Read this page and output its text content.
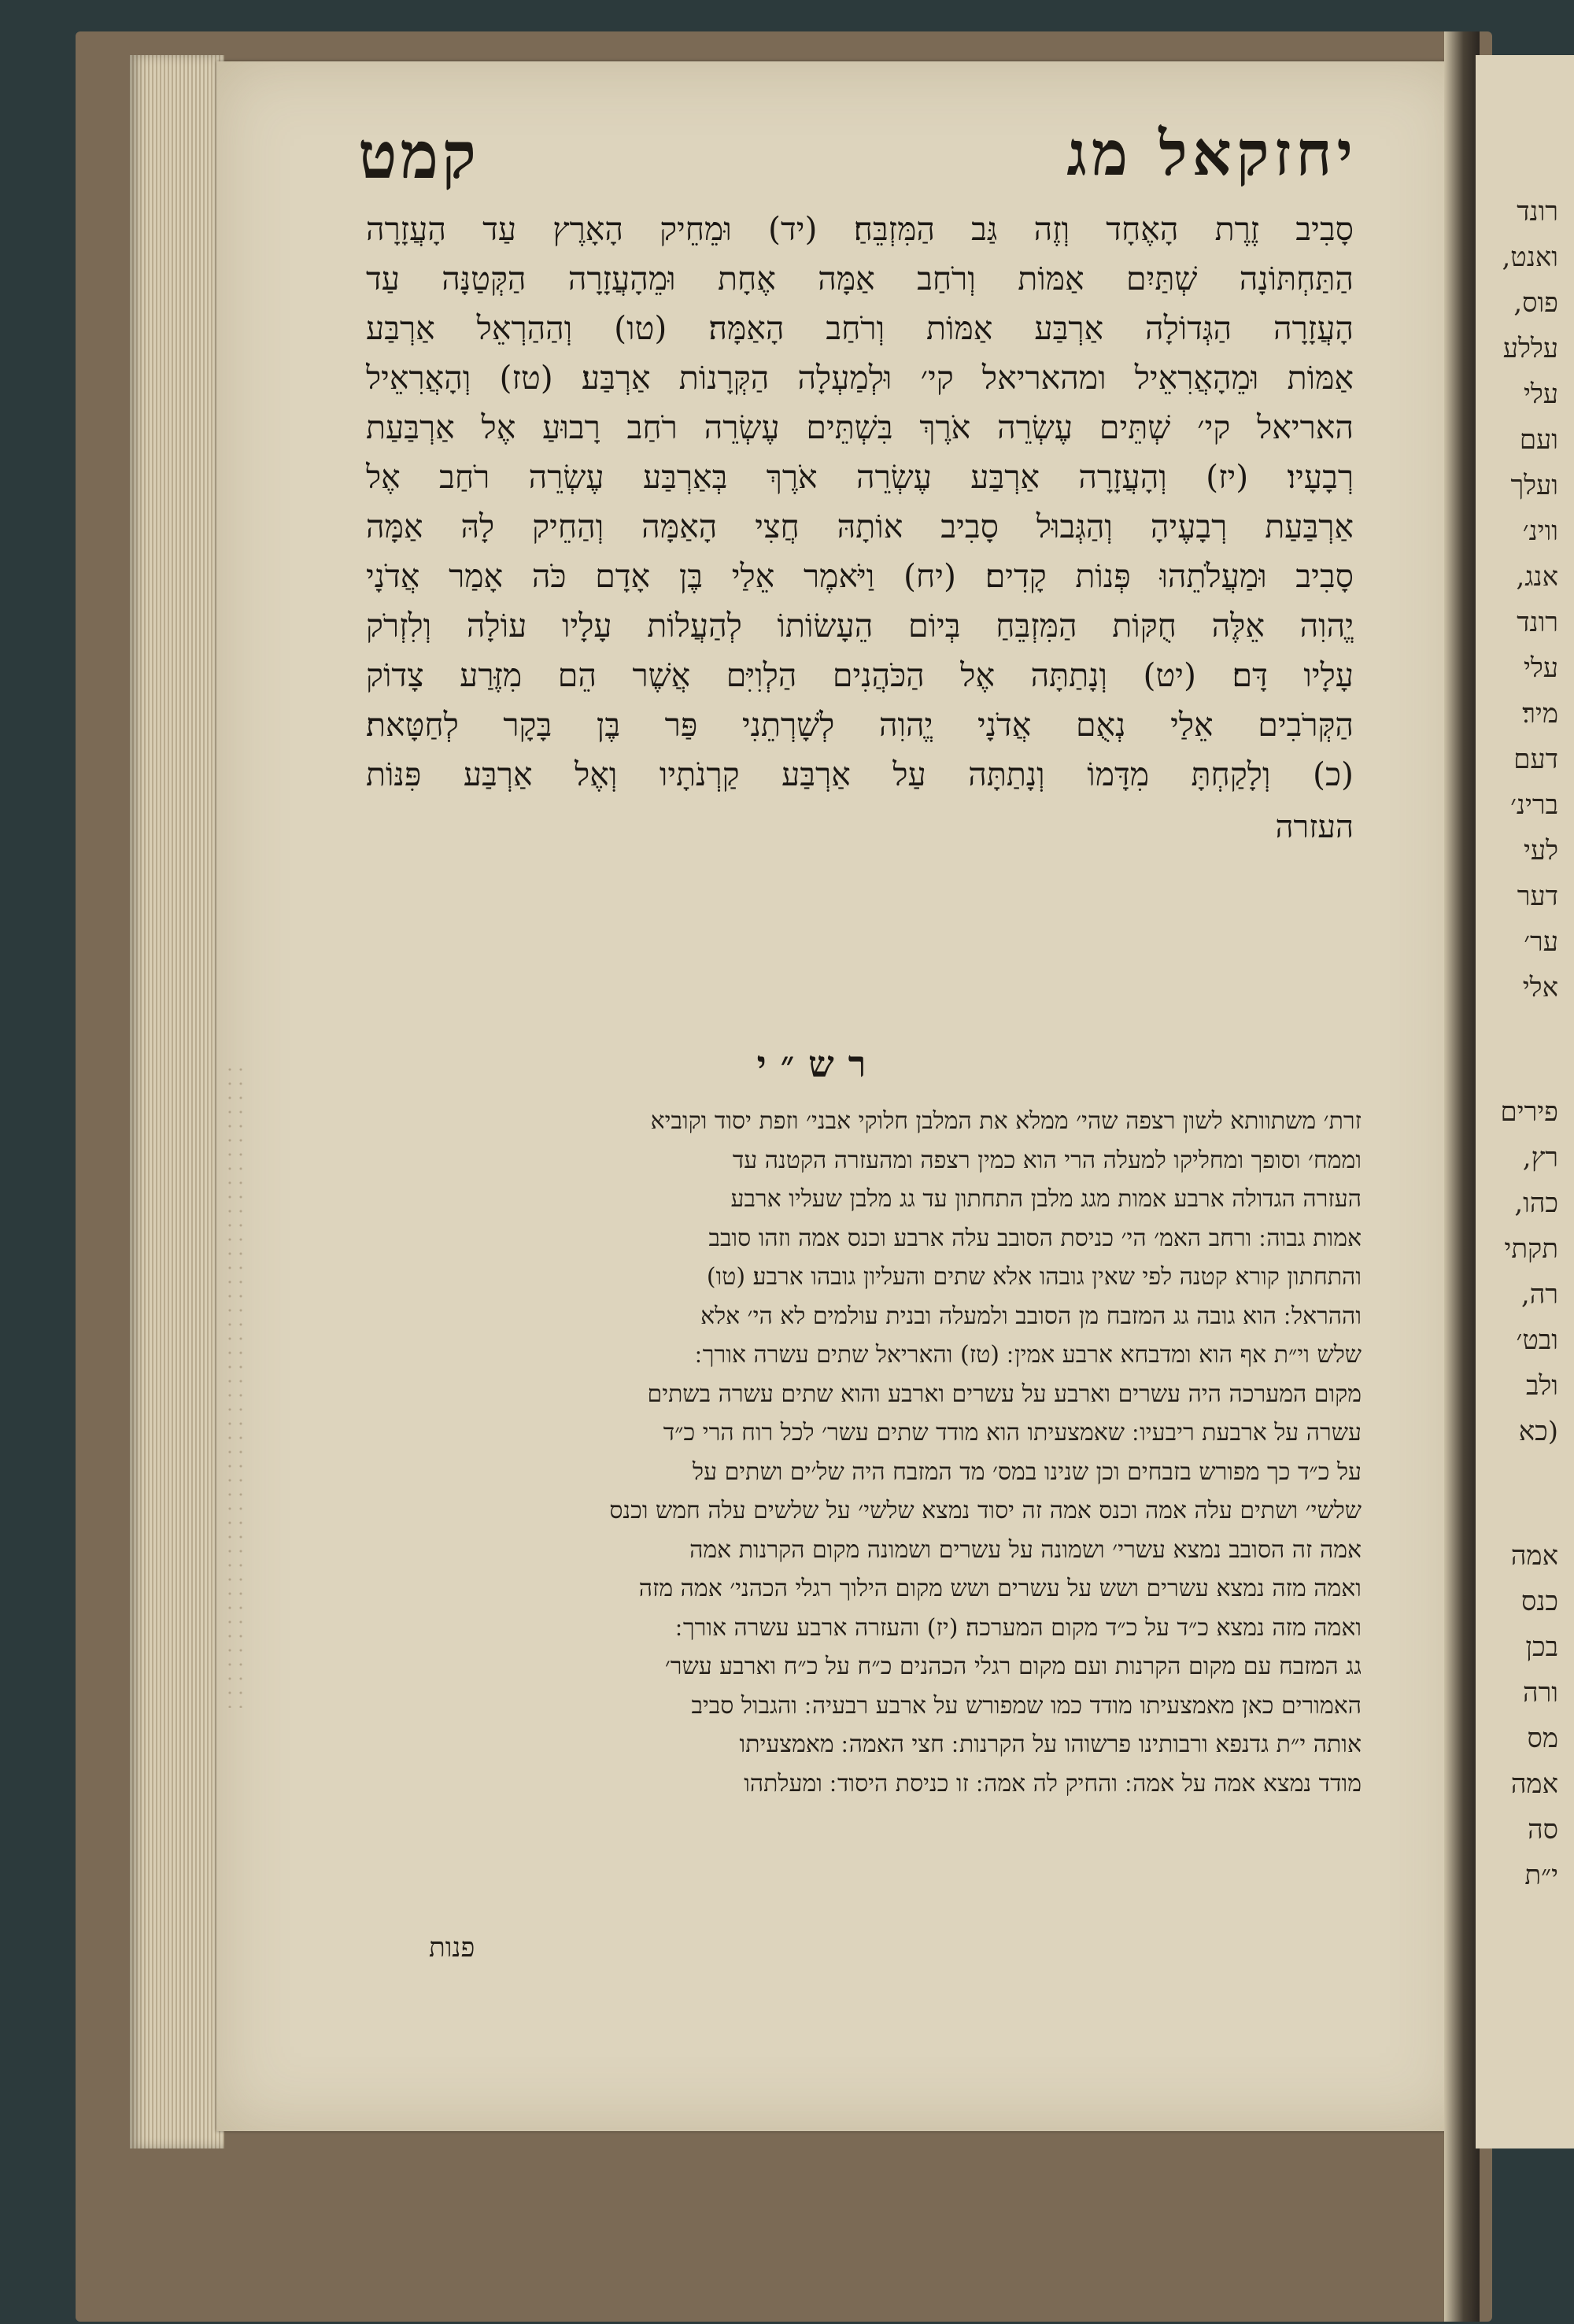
רונד
ואנט,
פוס,
עללע
עלי
ועם
ועלך
ווינ׳
אנג,
רונד
עלי
מיר׃
דעם
ברינ׳
לעי
דער
ער׳
אלי
פירים
רץ,
כהו,
תקתי
רה,
ובט׳
ולב
(כא
אמה
כנס
בכן
ורה
מס
אמה
סה
י״ת
יחזקאל מג
קמט
סָבִיב זֶרֶת הָאֶחָד וְזֶה גַּב הַמִּזְבֵּחַ׃ (יד) וּמֵחֵיק הָאָרֶץ עַד הָעֲזָרָה
הַתַּחְתּוֹנָה שְׁתַּיִם אַמּוֹת וְרֹחַב אַמָּה אֶחָת וּמֵהָעֲזָרָה הַקְּטַנָּה עַד
הָעֲזָרָה הַגְּדוֹלָה אַרְבַּע אַמּוֹת וְרֹחַב הָאַמָּה׃ (טו) וְהַהַרְאֵל אַרְבַּע
אַמּוֹת וּמֵהָאֲרִאֵיל ומהאריאל קי׳ וּלְמַעְלָה הַקְּרָנוֹת אַרְבַּע׃ (טז) וְהָאֲרִאֵיל
האריאל קי׳ שְׁתֵּים עֶשְׂרֵה אֹרֶךְ בִּשְׁתֵּים עֶשְׂרֵה רֹחַב רָבוּעַ אֶל אַרְבַּעַת
רְבָעָיו׃ (יז) וְהָעֲזָרָה אַרְבַּע עֶשְׂרֵה אֹרֶךְ בְּאַרְבַּע עֶשְׂרֵה רֹחַב אֶל
אַרְבַּעַת רְבָעֶיהָ וְהַגְּבוּל סָבִיב אוֹתָהּ חֲצִי הָאַמָּה וְהַחֵיק לָהּ אַמָּה
סָבִיב וּמַעֲלֹתֵהוּ פְּנוֹת קָדִים׃ (יח) וַיֹּאמֶר אֵלַי בֶּן אָדָם כֹּה אָמַר אֲדֹנָי
יֱהוִה אֵלֶּה חֻקּוֹת הַמִּזְבֵּחַ בְּיוֹם הֵעָשׂוֹתוֹ לְהַעֲלוֹת עָלָיו עוֹלָה וְלִזְרֹק
עָלָיו דָּם׃ (יט) וְנָתַתָּה אֶל הַכֹּהֲנִים הַלְוִיִּם אֲשֶׁר הֵם מִזֶּרַע צָדוֹק
הַקְּרֹבִים אֵלַי נְאֻם אֲדֹנָי יֱהוִה לְשָׁרְתֵנִי פַּר בֶּן בָּקָר לְחַטָּאת׃
(כ) וְלָקַחְתָּ מִדָּמוֹ וְנָתַתָּה עַל אַרְבַּע קַרְנֹתָיו וְאֶל אַרְבַּע פִּנּוֹת
העזרה
רש״י
זרת׳ משתוותא לשון רצפה שהי׳ ממלא את המלבן חלוקי אבני׳ וזפת יסוד וקוביא
וממח׳ וסופך ומחליקו למעלה הרי הוא כמין רצפה ומהעזרה הקטנה עד
העזרה הגדולה ארבע אמות מגג מלבן התחתון עד גג מלבן שעליו ארבע
אמות גבוה ׃ ורחב האמ׳ הי׳ כניסת הסובב עלה ארבע וכנס אמה וזהו סובב
והתחתון קורא קטנה לפי שאין גובהו אלא שתים והעליון גובהו ארבע׃ (טו)
וההראל ׃ הוא גובה גג המזבח מן הסובב ולמעלה ובנית עולמים לא הי׳ אלא
שלש וי״ת אף הוא ומדבחא ארבע אמין ׃ (טז) והאריאל שתים עשרה אורך ׃
מקום המערכה היה עשרים וארבע על עשרים וארבע והוא שתים עשרה בשתים
עשרה על ארבעת ריבעיו ׃ שאמצעיתו הוא מודד שתים עשר׳ לכל רוח הרי כ״ד
על כ״ד כך מפורש בזבחים וכן שנינו במס׳ מד המזבח היה של׳ים ושתים על
שלשי׳ ושתים עלה אמה וכנס אמה זה יסוד נמצא שלשי׳ על שלשים עלה חמש וכנס
אמה זה הסובב נמצא עשרי׳ ושמונה על עשרים ושמונה מקום הקרנות אמה
ואמה מזה נמצא עשרים ושש על עשרים ושש מקום הילוך רגלי הכהני׳ אמה מזה
ואמה מזה נמצא כ״ד על כ״ד מקום המערכה׃ (יז) והעזרה ארבע עשרה אורך ׃
גג המזבח עם מקום הקרנות ועם מקום רגלי הכהנים כ״ח על כ״ח וארבע עשר׳
האמורים כאן מאמצעיתו מודד כמו שמפורש על ארבע רבעיה ׃ והגבול סביב
אותה י״ת גדנפא ורבותינו פרשוהו על הקרנות ׃ חצי האמה ׃ מאמצעיתו
מודד נמצא אמה על אמה ׃ והחיק לה אמה ׃ זו כניסת היסוד ׃ ומעלתהו
פנות
